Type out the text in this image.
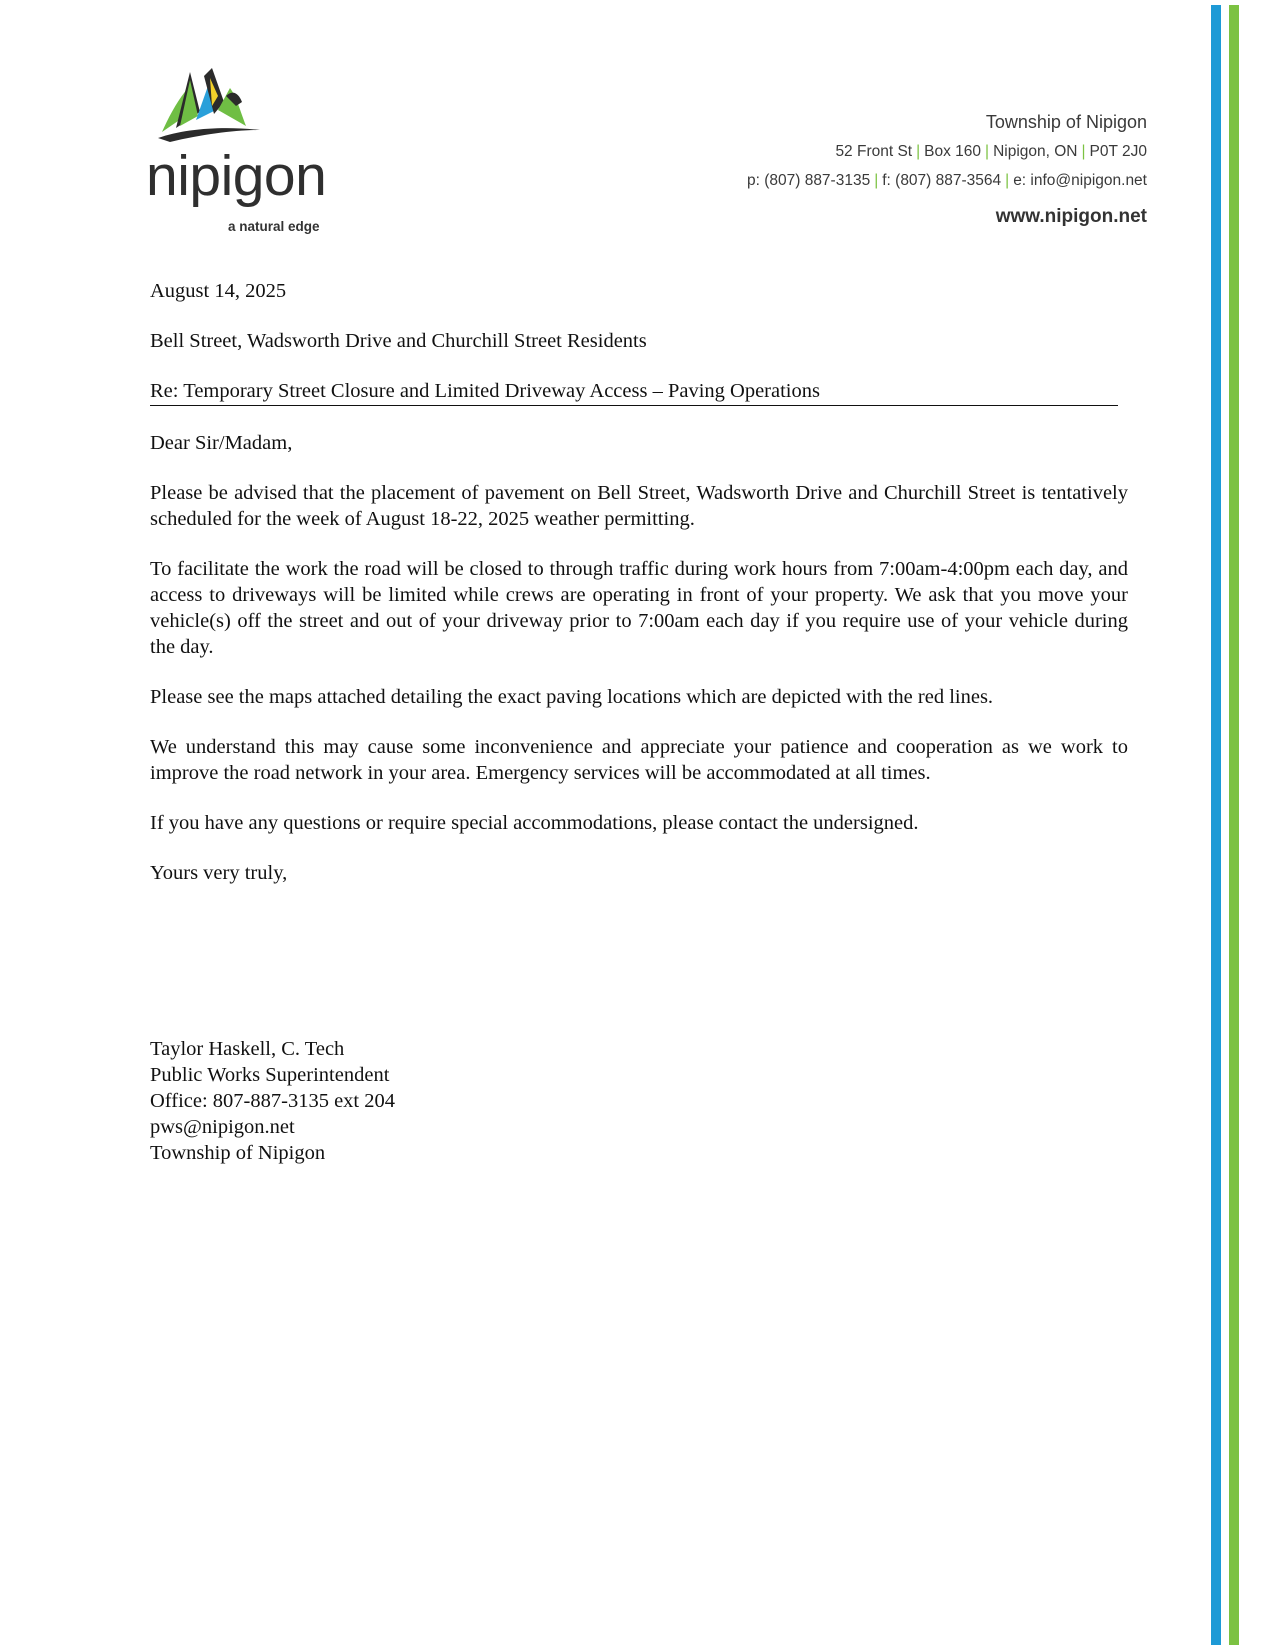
nipigon
a natural edge
Township of Nipigon
52 Front St | Box 160 | Nipigon, ON | P0T 2J0
p: (807) 887-3135 | f: (807) 887-3564 | e: info@nipigon.net
www.nipigon.net

August 14, 2025

Bell Street, Wadsworth Drive and Churchill Street Residents

Re: Temporary Street Closure and Limited Driveway Access – Paving Operations

Dear Sir/Madam,

Please be advised that the placement of pavement on Bell Street, Wadsworth Drive and Churchill Street is tentatively scheduled for the week of August 18-22, 2025 weather permitting.

To facilitate the work the road will be closed to through traffic during work hours from 7:00am-4:00pm each day, and access to driveways will be limited while crews are operating in front of your property. We ask that you move your vehicle(s) off the street and out of your driveway prior to 7:00am each day if you require use of your vehicle during the day.

Please see the maps attached detailing the exact paving locations which are depicted with the red lines.

We understand this may cause some inconvenience and appreciate your patience and cooperation as we work to improve the road network in your area. Emergency services will be accommodated at all times.

If you have any questions or require special accommodations, please contact the undersigned.

Yours very truly,

Taylor Haskell, C. Tech
Public Works Superintendent
Office: 807-887-3135 ext 204
pws@nipigon.net
Township of Nipigon
